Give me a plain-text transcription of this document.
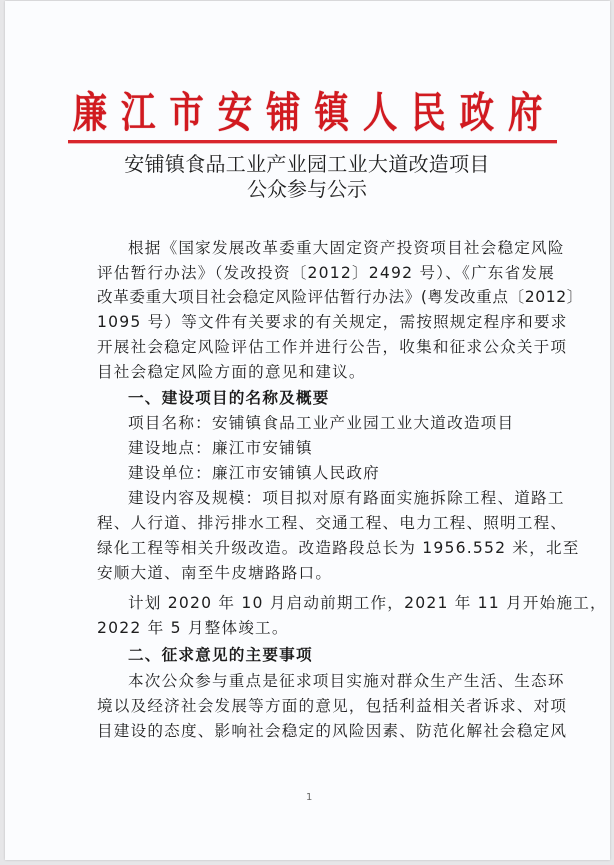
廉江市安铺镇人民政府
安铺镇食品工业产业园工业大道改造项目
公众参与公示
根据《国家发展改革委重大固定资产投资项目社会稳定风险
评估暂行办法》（发改投资〔2012〕2492 号）、《广东省发展
改革委重大项目社会稳定风险评估暂行办法》(粤发改重点〔2012〕
1095 号）等文件有关要求的有关规定，需按照规定程序和要求
开展社会稳定风险评估工作并进行公告，收集和征求公众关于项
目社会稳定风险方面的意见和建议。
一、建设项目的名称及概要
项目名称：安铺镇食品工业产业园工业大道改造项目
建设地点：廉江市安铺镇
建设单位：廉江市安铺镇人民政府
建设内容及规模：项目拟对原有路面实施拆除工程、道路工
程、人行道、排污排水工程、交通工程、电力工程、照明工程、
绿化工程等相关升级改造。改造路段总长为 1956.552 米，北至
安顺大道、南至牛皮塘路路口。
计划 2020 年 10 月启动前期工作，2021 年 11 月开始施工，
2022 年 5 月整体竣工。
二、征求意见的主要事项
本次公众参与重点是征求项目实施对群众生产生活、生态环
境以及经济社会发展等方面的意见，包括利益相关者诉求、对项
目建设的态度、影响社会稳定的风险因素、防范化解社会稳定风
1
